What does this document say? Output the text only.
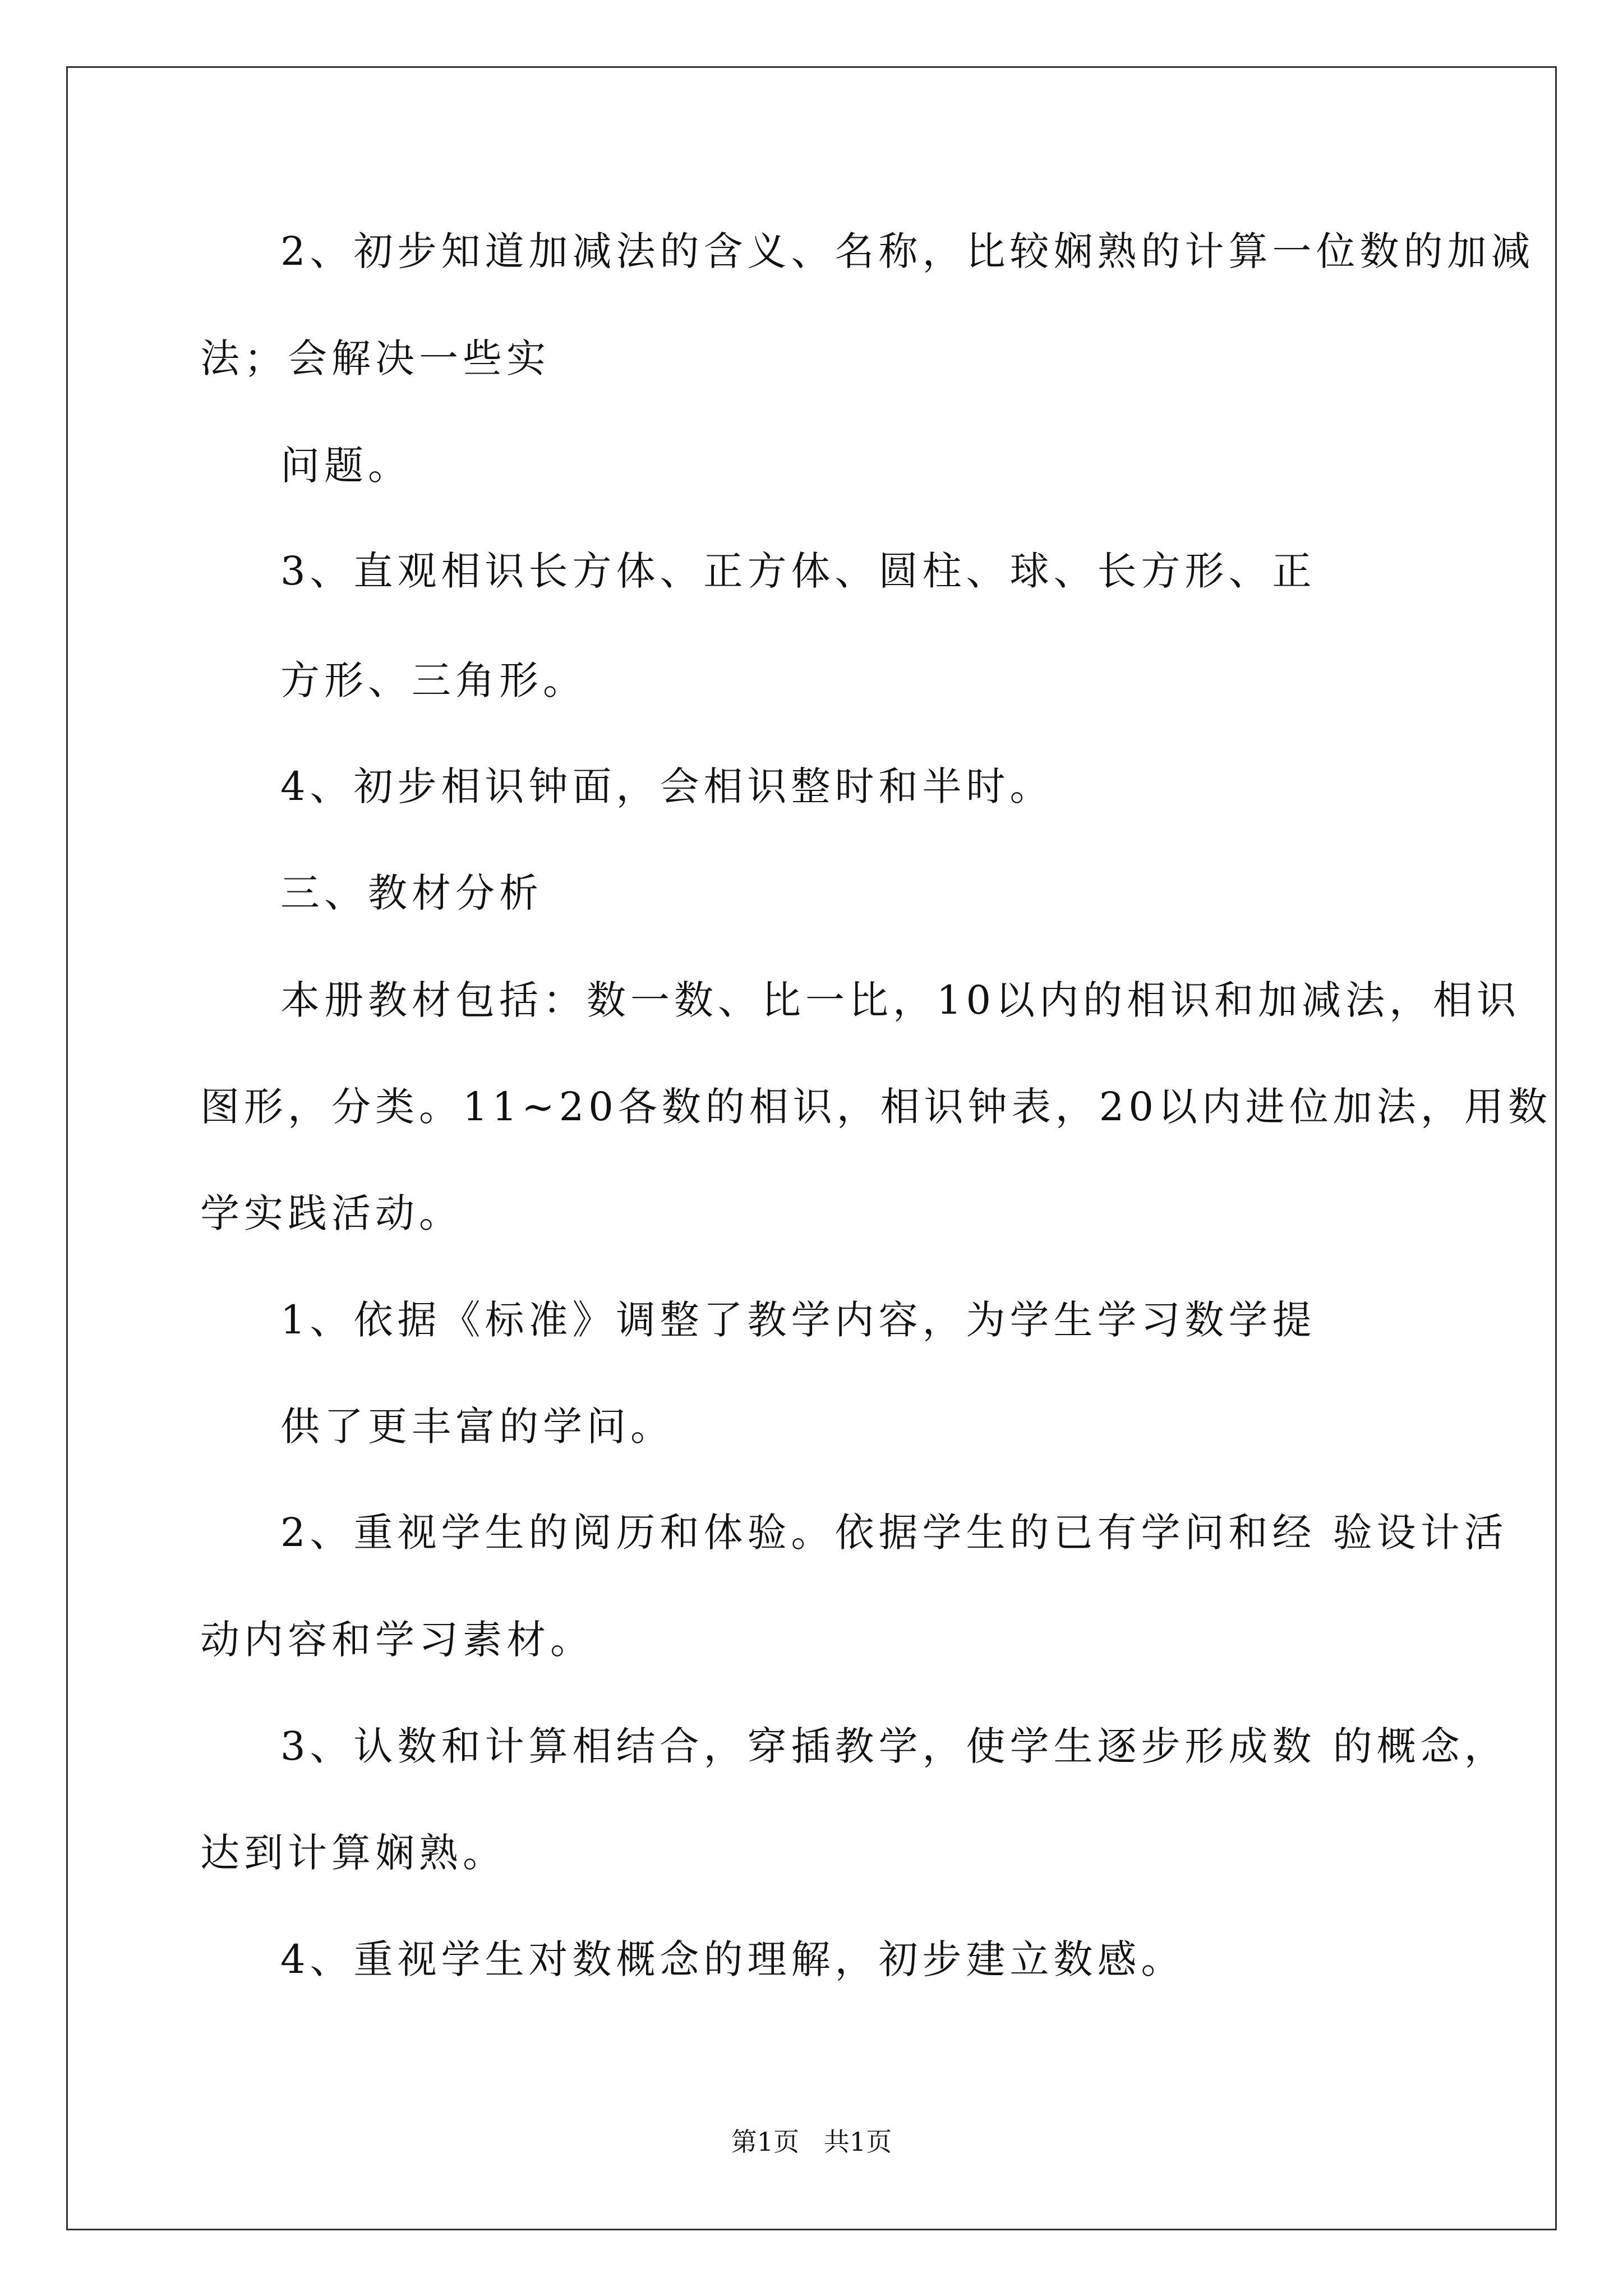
2、初步知道加减法的含义、名称，比较娴熟的计算一位数的加减

法；会解决一些实

问题。

3、直观相识长方体、正方体、圆柱、球、长方形、正

方形、三角形。

4、初步相识钟面，会相识整时和半时。

三、教材分析

本册教材包括：数一数、比一比，10以内的相识和加减法，相识

图形，分类。11~20各数的相识，相识钟表，20以内进位加法，用数

学实践活动。

1、依据《标准》调整了教学内容，为学生学习数学提

供了更丰富的学问。

2、重视学生的阅历和体验。依据学生的已有学问和经 验设计活

动内容和学习素材。

3、认数和计算相结合，穿插教学，使学生逐步形成数 的概念，

达到计算娴熟。

4、重视学生对数概念的理解，初步建立数感。

第1页   共1页
